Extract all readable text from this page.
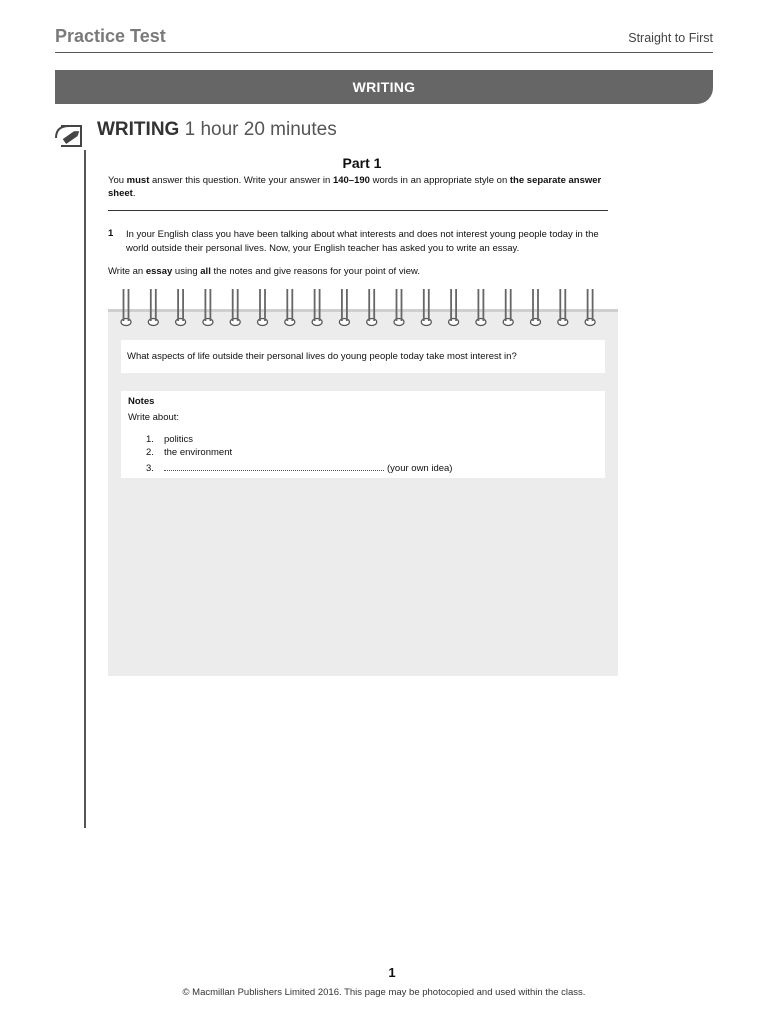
Practice Test	Straight to First
WRITING
WRITING 1 hour 20 minutes
Part 1
You must answer this question. Write your answer in 140–190 words in an appropriate style on the separate answer sheet.
1 In your English class you have been talking about what interests and does not interest young people today in the world outside their personal lives. Now, your English teacher has asked you to write an essay.
Write an essay using all the notes and give reasons for your point of view.
What aspects of life outside their personal lives do young people today take most interest in?
Notes
Write about:
1. politics
2. the environment
3.	(your own idea)
1
© Macmillan Publishers Limited 2016. This page may be photocopied and used within the class.
